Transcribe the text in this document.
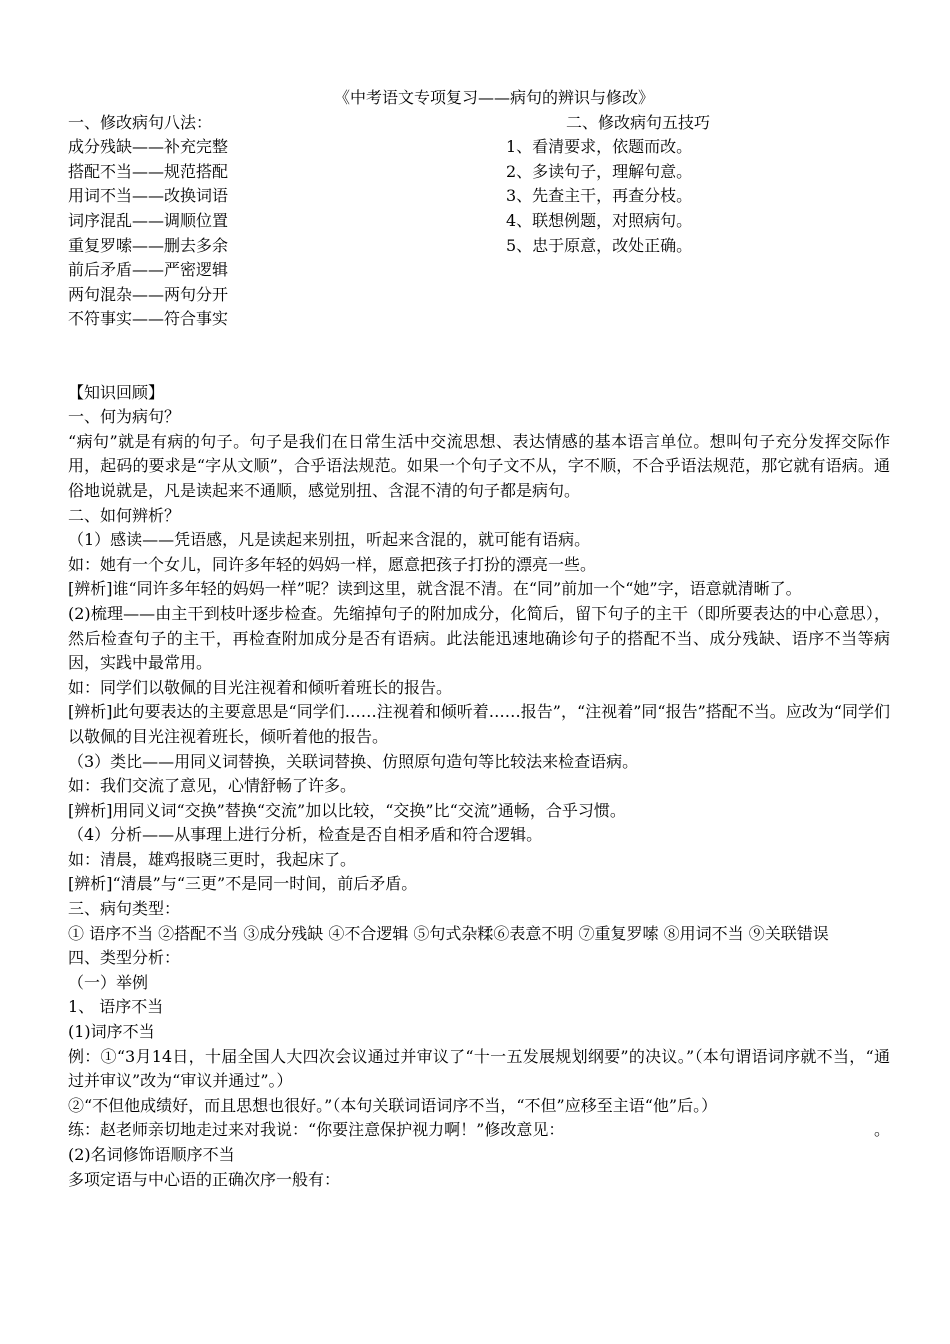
《中考语文专项复习——病句的辨识与修改》
一、修改病句八法：
成分残缺——补充完整
搭配不当——规范搭配
用词不当——改换词语
词序混乱——调顺位置
重复罗嗦——删去多余
前后矛盾——严密逻辑
两句混杂——两句分开
不符事实——符合事实
二、修改病句五技巧
1、看清要求，依题而改。
2、多读句子，理解句意。
3、先查主干，再查分枝。
4、联想例题，对照病句。
5、忠于原意，改处正确。
【知识回顾】
一、何为病句？

“病句”就是有病的句子。句子是我们在日常生活中交流思想、表达情感的基本语言单位。想叫句子充分发挥交际作用，起码的要求是“字从文顺”，合乎语法规范。如果一个句子文不从，字不顺，不合乎语法规范，那它就有语病。通俗地说就是，凡是读起来不通顺，感觉别扭、含混不清的句子都是病句。

二、如何辨析？
（1）感读——凭语感，凡是读起来别扭，听起来含混的，就可能有语病。
如：她有一个女儿，同许多年轻的妈妈一样，愿意把孩子打扮的漂亮一些。

[辨析]谁“同许多年轻的妈妈一样”呢？读到这里，就含混不清。在“同”前加一个“她”字，语意就清晰了。

(2)梳理——由主干到枝叶逐步检查。先缩掉句子的附加成分，化简后，留下句子的主干（即所要表达的中心意思），然后检查句子的主干，再检查附加成分是否有语病。此法能迅速地确诊句子的搭配不当、成分残缺、语序不当等病因，实践中最常用。

如：同学们以敬佩的目光注视着和倾听着班长的报告。

[辨析]此句要表达的主要意思是“同学们……注视着和倾听着……报告”，“注视着”同“报告”搭配不当。应改为“同学们以敬佩的目光注视着班长，倾听着他的报告。

（3）类比——用同义词替换，关联词替换、仿照原句造句等比较法来检查语病。
如：我们交流了意见，心情舒畅了许多。
[辨析]用同义词“交换”替换“交流”加以比较，“交换”比“交流”通畅，合乎习惯。
（4）分析——从事理上进行分析，检查是否自相矛盾和符合逻辑。
如：清晨，雄鸡报晓三更时，我起床了。
[辨析]“清晨”与“三更”不是同一时间，前后矛盾。
三、病句类型：

① 语序不当 ②搭配不当 ③成分残缺 ④不合逻辑 ⑤句式杂糅⑥表意不明 ⑦重复罗嗦 ⑧用词不当 ⑨关联错误

四、类型分析：
（一）举例
1、 语序不当
(1)词序不当

例：①“3月14日，十届全国人大四次会议通过并审议了“十一五发展规划纲要”的决议。”（本句谓语词序就不当，“通过并审议”改为“审议并通过”。）

②“不但他成绩好，而且思想也很好。”（本句关联词语词序不当，“不但”应移至主语“他”后。）
练：赵老师亲切地走过来对我说：“你要注意保护视力啊！”修改意见：	。
(2)名词修饰语顺序不当
多项定语与中心语的正确次序一般有：
